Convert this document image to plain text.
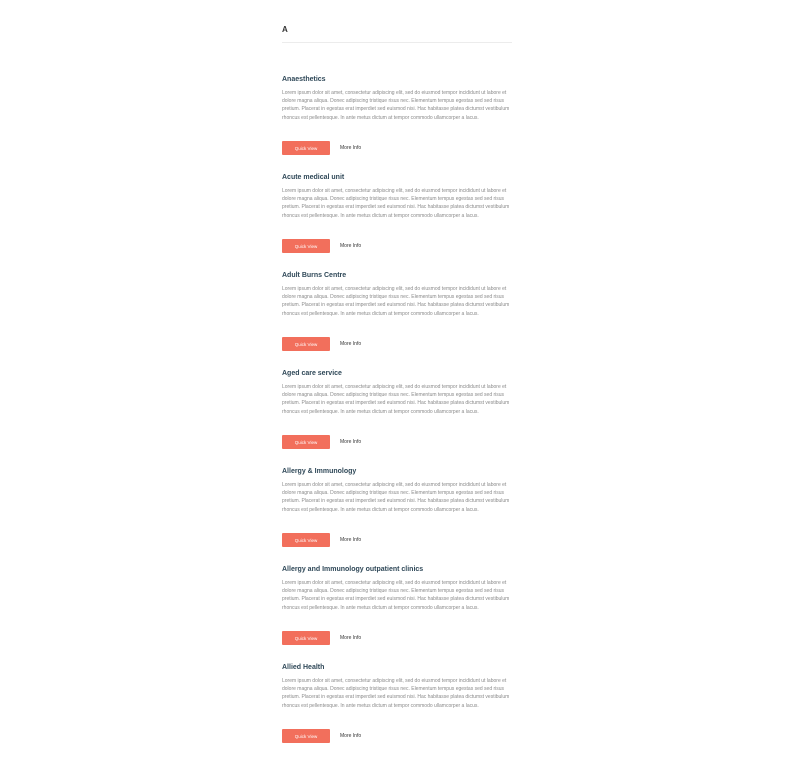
A
Anaesthetics

Lorem ipsum dolor sit amet, consectetur adipiscing elit, sed do eiusmod tempor incididunt ut labore et dolore magna aliqua. Donec adipiscing tristique risus nec. Elementum tempus egestas sed sed risus pretium. Placerat in egestas erat imperdiet sed euismod nisi. Hac habitasse platea dictumst vestibulum rhoncus est pellentesque. In ante metus dictum at tempor commodo ullamcorper a lacus.

Quick View	More Info
Acute medical unit

Lorem ipsum dolor sit amet, consectetur adipiscing elit, sed do eiusmod tempor incididunt ut labore et dolore magna aliqua. Donec adipiscing tristique risus nec. Elementum tempus egestas sed sed risus pretium. Placerat in egestas erat imperdiet sed euismod nisi. Hac habitasse platea dictumst vestibulum rhoncus est pellentesque. In ante metus dictum at tempor commodo ullamcorper a lacus.

Quick View	More Info
Adult Burns Centre

Lorem ipsum dolor sit amet, consectetur adipiscing elit, sed do eiusmod tempor incididunt ut labore et dolore magna aliqua. Donec adipiscing tristique risus nec. Elementum tempus egestas sed sed risus pretium. Placerat in egestas erat imperdiet sed euismod nisi. Hac habitasse platea dictumst vestibulum rhoncus est pellentesque. In ante metus dictum at tempor commodo ullamcorper a lacus.

Quick View	More Info
Aged care service

Lorem ipsum dolor sit amet, consectetur adipiscing elit, sed do eiusmod tempor incididunt ut labore et dolore magna aliqua. Donec adipiscing tristique risus nec. Elementum tempus egestas sed sed risus pretium. Placerat in egestas erat imperdiet sed euismod nisi. Hac habitasse platea dictumst vestibulum rhoncus est pellentesque. In ante metus dictum at tempor commodo ullamcorper a lacus.

Quick View	More Info
Allergy & Immunology

Lorem ipsum dolor sit amet, consectetur adipiscing elit, sed do eiusmod tempor incididunt ut labore et dolore magna aliqua. Donec adipiscing tristique risus nec. Elementum tempus egestas sed sed risus pretium. Placerat in egestas erat imperdiet sed euismod nisi. Hac habitasse platea dictumst vestibulum rhoncus est pellentesque. In ante metus dictum at tempor commodo ullamcorper a lacus.

Quick View	More Info
Allergy and Immunology outpatient clinics

Lorem ipsum dolor sit amet, consectetur adipiscing elit, sed do eiusmod tempor incididunt ut labore et dolore magna aliqua. Donec adipiscing tristique risus nec. Elementum tempus egestas sed sed risus pretium. Placerat in egestas erat imperdiet sed euismod nisi. Hac habitasse platea dictumst vestibulum rhoncus est pellentesque. In ante metus dictum at tempor commodo ullamcorper a lacus.

Quick View	More Info
Allied Health

Lorem ipsum dolor sit amet, consectetur adipiscing elit, sed do eiusmod tempor incididunt ut labore et dolore magna aliqua. Donec adipiscing tristique risus nec. Elementum tempus egestas sed sed risus pretium. Placerat in egestas erat imperdiet sed euismod nisi. Hac habitasse platea dictumst vestibulum rhoncus est pellentesque. In ante metus dictum at tempor commodo ullamcorper a lacus.

Quick View	More Info
